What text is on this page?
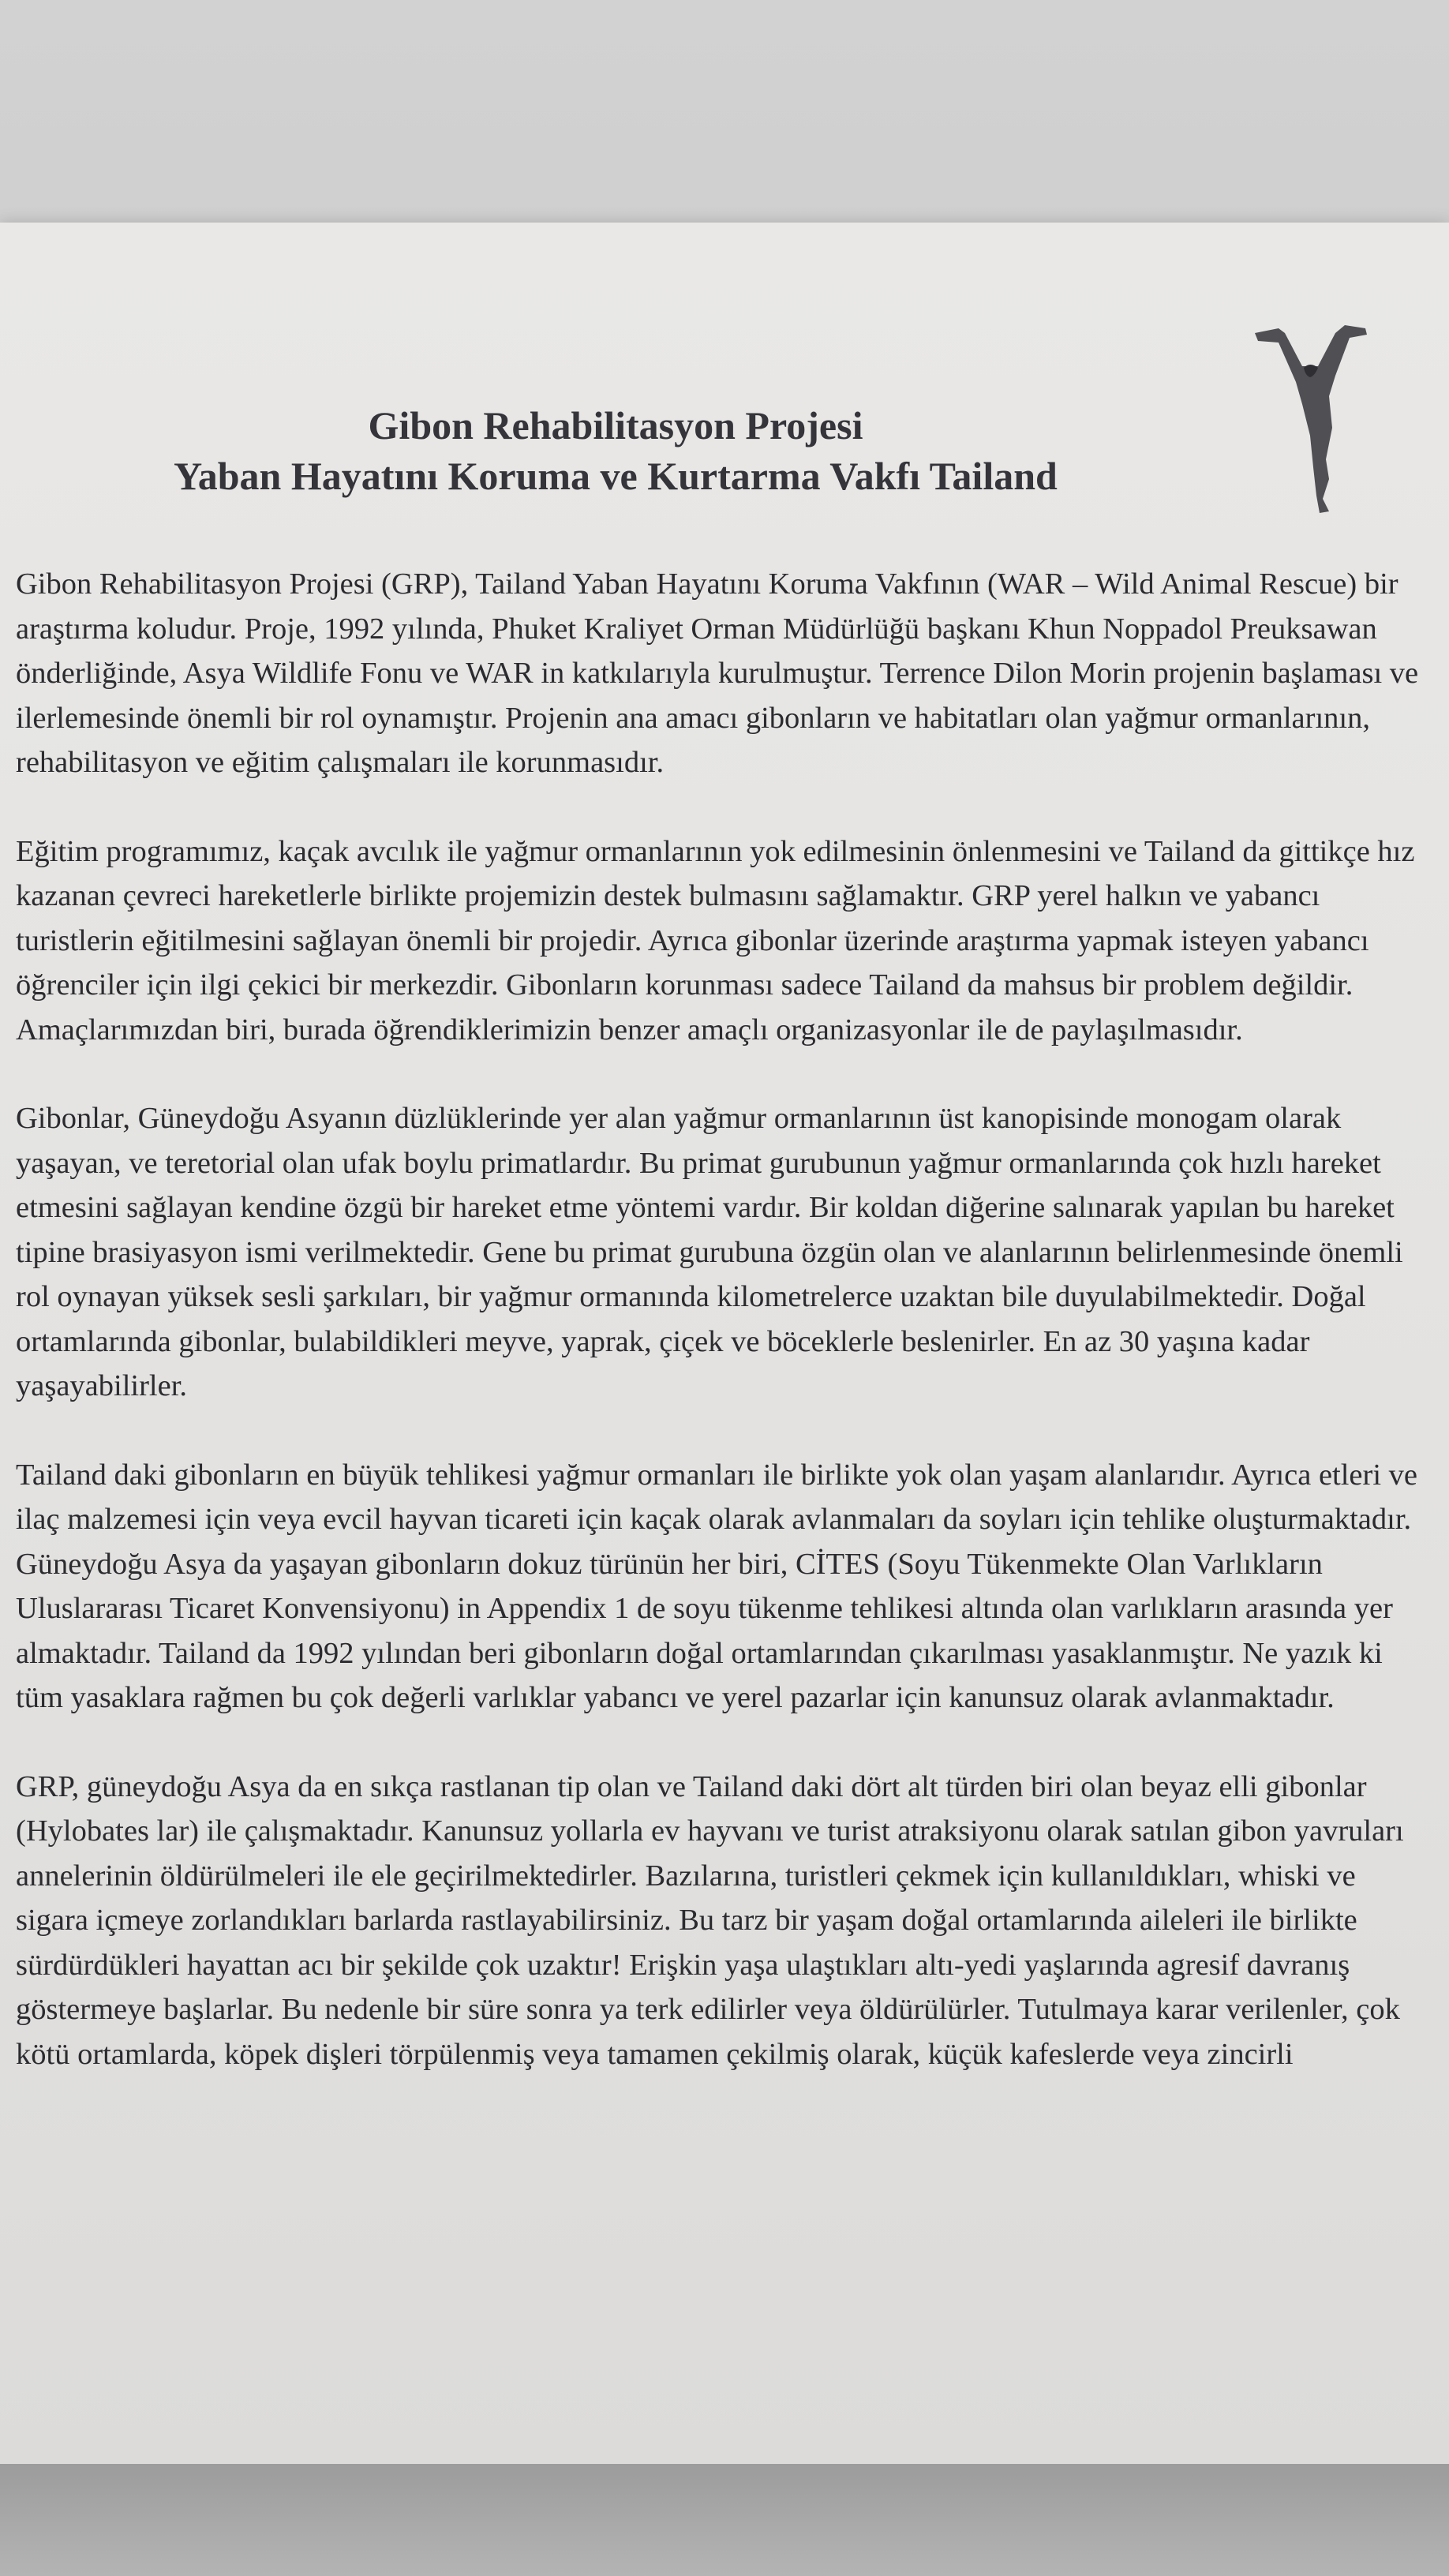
Gibon Rehabilitasyon Projesi

Yaban Hayatını Koruma ve Kurtarma Vakfı Tailand

Gibon Rehabilitasyon Projesi (GRP), Tailand Yaban Hayatını Koruma Vakfının (WAR – Wild Animal Rescue) bir araştırma koludur. Proje, 1992 yılında, Phuket Kraliyet Orman Müdürlüğü başkanı Khun Noppadol Preuksawan önderliğinde, Asya Wildlife Fonu ve WAR in katkılarıyla kurulmuştur. Terrence Dilon Morin projenin başlaması ve ilerlemesinde önemli bir rol oynamıştır. Projenin ana amacı gibonların ve habitatları olan yağmur ormanlarının, rehabilitasyon ve eğitim çalışmaları ile korunmasıdır.

Eğitim programımız, kaçak avcılık ile yağmur ormanlarının yok edilmesinin önlenmesini ve Tailand da gittikçe hız kazanan çevreci hareketlerle birlikte projemizin destek bulmasını sağlamaktır. GRP yerel halkın ve yabancı turistlerin eğitilmesini sağlayan önemli bir projedir. Ayrıca gibonlar üzerinde araştırma yapmak isteyen yabancı öğrenciler için ilgi çekici bir merkezdir. Gibonların korunması sadece Tailand da mahsus bir problem değildir. Amaçlarımızdan biri, burada öğrendiklerimizin benzer amaçlı organizasyonlar ile de paylaşılmasıdır.

Gibonlar, Güneydoğu Asyanın düzlüklerinde yer alan yağmur ormanlarının üst kanopisinde monogam olarak yaşayan, ve teretorial olan ufak boylu primatlardır. Bu primat gurubunun yağmur ormanlarında çok hızlı hareket etmesini sağlayan kendine özgü bir hareket etme yöntemi vardır. Bir koldan diğerine salınarak yapılan bu hareket tipine brasiyasyon ismi verilmektedir. Gene bu primat gurubuna özgün olan ve alanlarının belirlenmesinde önemli rol oynayan yüksek sesli şarkıları, bir yağmur ormanında kilometrelerce uzaktan bile duyulabilmektedir. Doğal ortamlarında gibonlar, bulabildikleri meyve, yaprak, çiçek ve böceklerle beslenirler. En az 30 yaşına kadar yaşayabilirler.

Tailand daki gibonların en büyük tehlikesi yağmur ormanları ile birlikte yok olan yaşam alanlarıdır. Ayrıca etleri ve ilaç malzemesi için veya evcil hayvan ticareti için kaçak olarak avlanmaları da soyları için tehlike oluşturmaktadır. Güneydoğu Asya da yaşayan gibonların dokuz türünün her biri, CİTES (Soyu Tükenmekte Olan Varlıkların Uluslararası Ticaret Konvensiyonu) in Appendix 1 de soyu tükenme tehlikesi altında olan varlıkların arasında yer almaktadır. Tailand da 1992 yılından beri gibonların doğal ortamlarından çıkarılması yasaklanmıştır. Ne yazık ki tüm yasaklara rağmen bu çok değerli varlıklar yabancı ve yerel pazarlar için kanunsuz olarak avlanmaktadır.

GRP, güneydoğu Asya da en sıkça rastlanan tip olan ve Tailand daki dört alt türden biri olan beyaz elli gibonlar (Hylobates lar) ile çalışmaktadır. Kanunsuz yollarla ev hayvanı ve turist atraksiyonu olarak satılan gibon yavruları annelerinin öldürülmeleri ile ele geçirilmektedirler. Bazılarına, turistleri çekmek için kullanıldıkları, whiski ve sigara içmeye zorlandıkları barlarda rastlayabilirsiniz. Bu tarz bir yaşam doğal ortamlarında aileleri ile birlikte sürdürdükleri hayattan acı bir şekilde çok uzaktır! Erişkin yaşa ulaştıkları altı-yedi yaşlarında agresif davranış göstermeye başlarlar. Bu nedenle bir süre sonra ya terk edilirler veya öldürülürler. Tutulmaya karar verilenler, çok kötü ortamlarda, köpek dişleri törpülenmiş veya tamamen çekilmiş olarak, küçük kafeslerde veya zincirli
